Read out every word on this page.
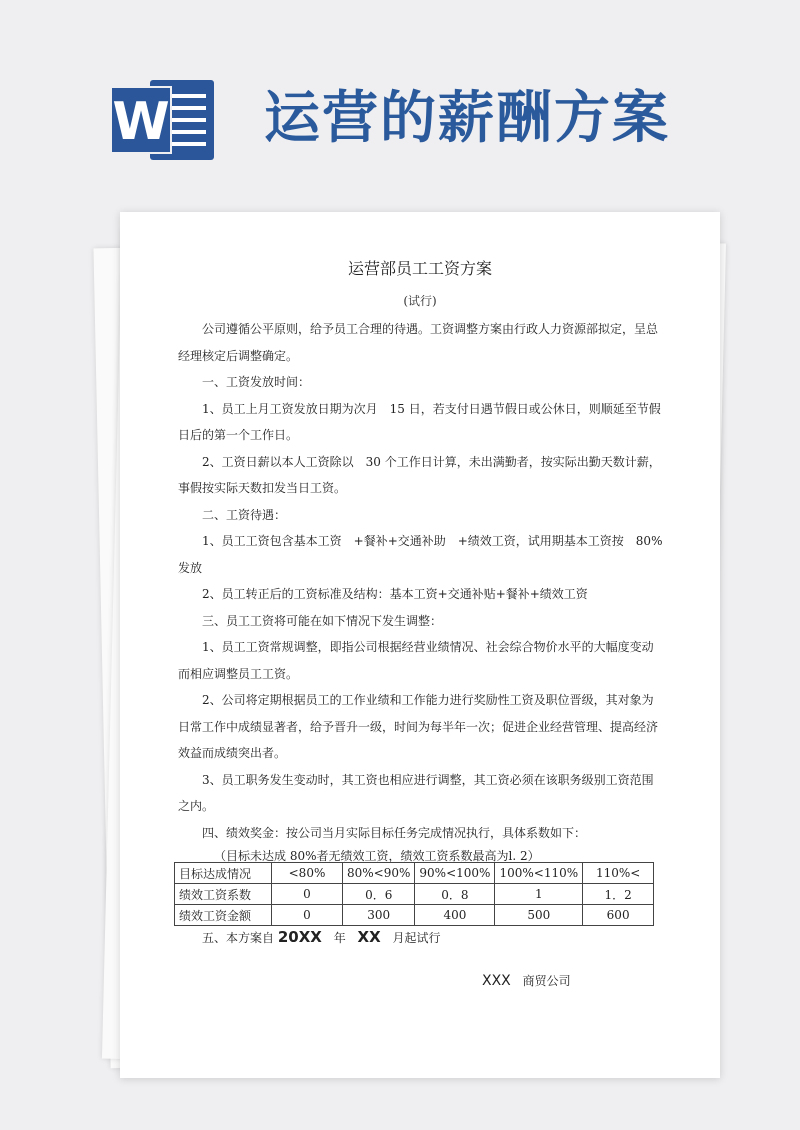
W 运营的薪酬方案
运营部员工工资方案
(试行)

公司遵循公平原则，给予员工合理的待遇。工资调整方案由行政人力资源部拟定，呈总经理核定后调整确定。

一、工资发放时间：

1、员工上月工资发放日期为次月　15 日，若支付日遇节假日或公休日，则顺延至节假日后的第一个工作日。

2、工资日薪以本人工资除以　30 个工作日计算，未出满勤者，按实际出勤天数计薪，事假按实际天数扣发当日工资。

二、工资待遇：

1、员工工资包含基本工资　+餐补+交通补助　+绩效工资，试用期基本工资按　80%发放

2、员工转正后的工资标准及结构：基本工资+交通补贴+餐补+绩效工资

三、员工工资将可能在如下情况下发生调整：

1、员工工资常规调整，即指公司根据经营业绩情况、社会综合物价水平的大幅度变动而相应调整员工工资。

2、公司将定期根据员工的工作业绩和工作能力进行奖励性工资及职位晋级，其对象为日常工作中成绩显著者，给予晋升一级，时间为每半年一次；促进企业经营管理、提高经济效益而成绩突出者。

3、员工职务发生变动时，其工资也相应进行调整，其工资必须在该职务级别工资范围之内。

四、绩效奖金：按公司当月实际目标任务完成情况执行，具体系数如下：

（目标未达成 80%者无绩效工资，绩效工资系数最高为l. 2）

目标达成情况	<80%	80%<90%	90%<100%	100%<110%	110%<
绩效工资系数	0	0．6	0．8	1	1．2
绩效工资金额	0	300	400	500	600
五、本方案自 20XX 年 XX 月起试行
XXX 商贸公司
